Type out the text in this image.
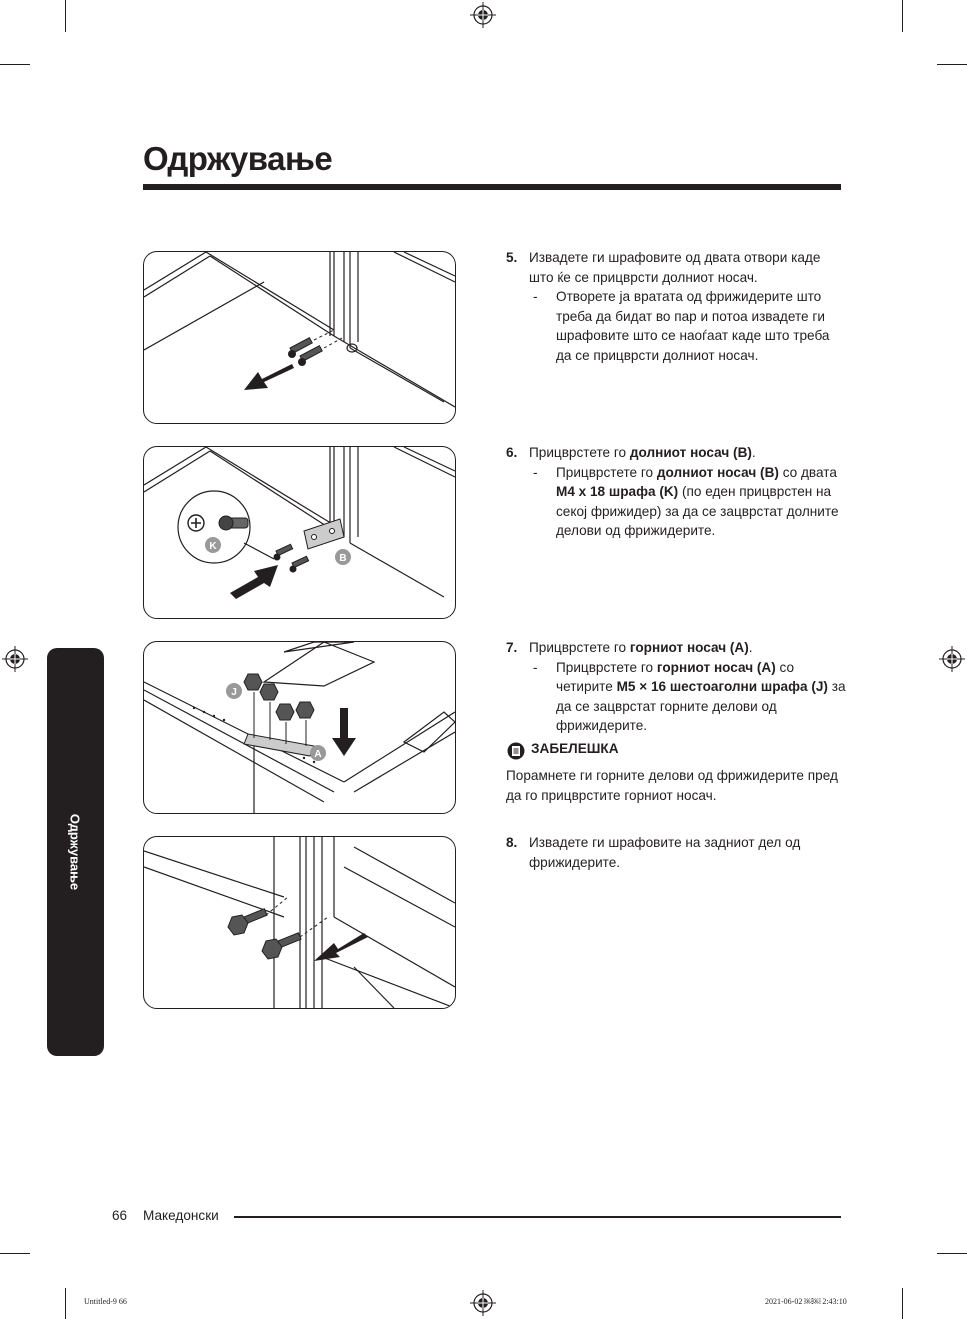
Одржување
Одржување
K
B
J
A
5. Извадете ги шрафовите од двата отвори каде што ќе се прицврсти долниот носач.
- Отворете ја вратата од фрижидерите што треба да бидат во пар и потоа извадете ги шрафовите што се наоѓаат каде што треба да се прицврсти долниот носач.
6. Прицврстете го долниот носач (B).
- Прицврстете го долниот носач (B) со двата M4 x 18 шрафа (K) (по еден прицврстен на секој фрижидер) за да се зацврстат долните делови од фрижидерите.
7. Прицврстете го горниот носач (A).
- Прицврстете го горниот носач (A) со четирите M5 × 16 шестоаголни шрафа (J) за да се зацврстат горните делови од фрижидерите.
ЗАБЕЛЕШКА
Порамнете ги горните делови од фрижидерите пред да го прицврстите горниот носач.
8. Извадете ги шрафовите на задниот дел од фрижидерите.
66 Македонски
Untitled-9 66	2021-06-02 ￼￼ 2:43:10
